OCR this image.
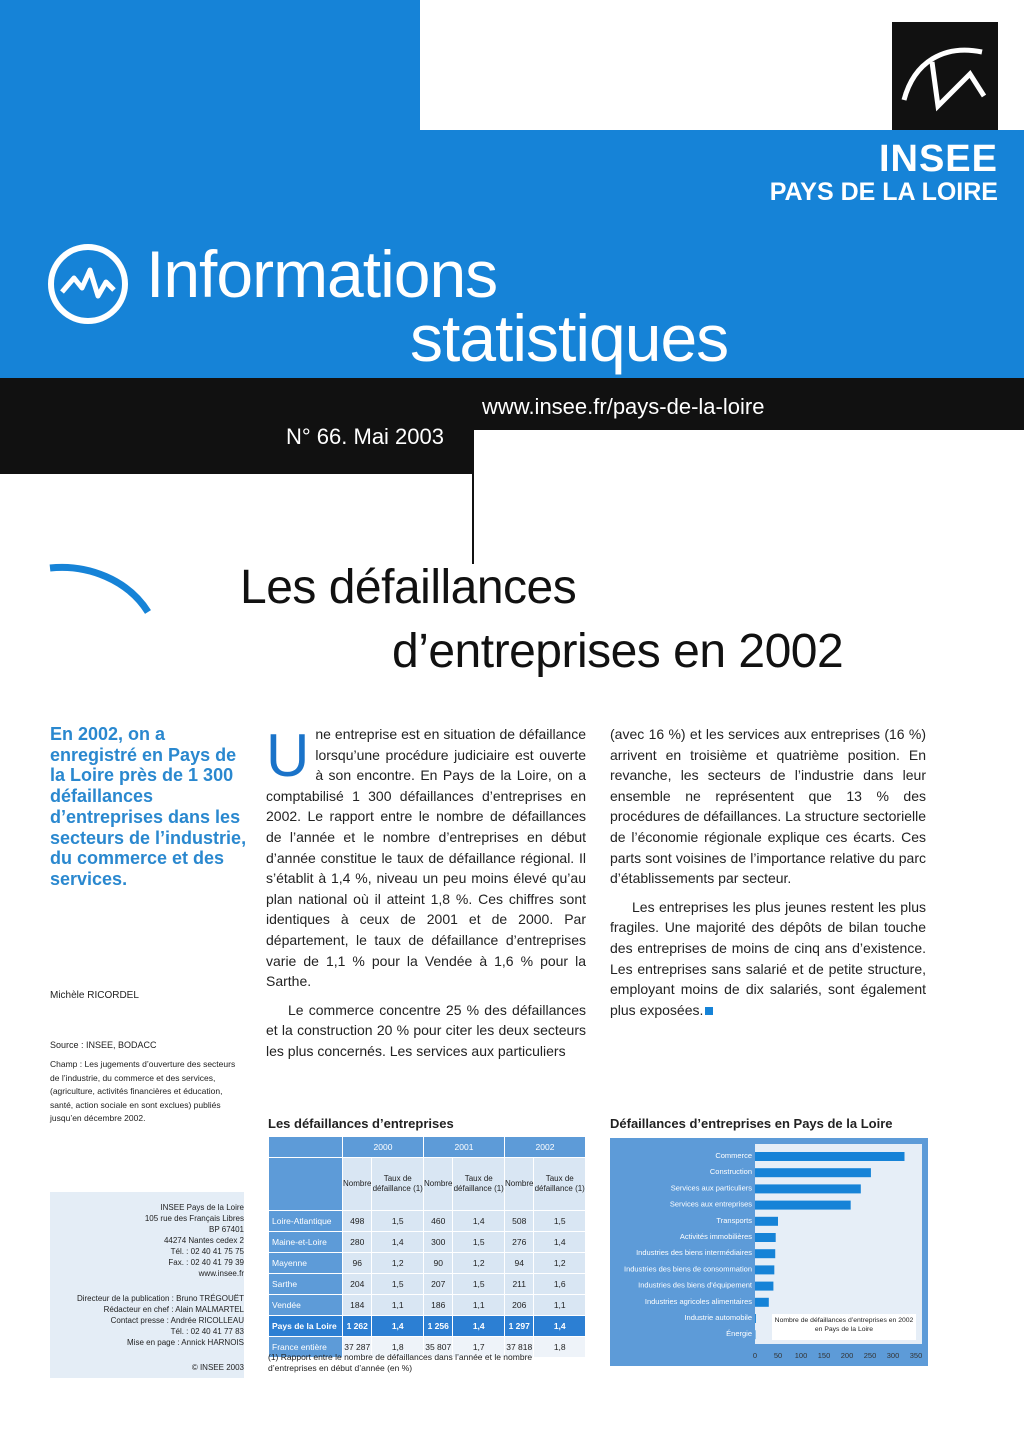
INSEE
PAYS DE LA LOIRE
Informations
statistiques
www.insee.fr/pays-de-la-loire
N° 66. Mai 2003
Les défaillances
d’entreprises en 2002
En 2002, on a enregistré en Pays de la Loire près de 1 300 défaillances d’entreprises dans les secteurs de l’industrie, du commerce et des services.
Michèle RICORDEL
Source : INSEE, BODACC
Champ : Les jugements d’ouverture des secteurs de l’industrie, du commerce et des services, (agriculture, activités financières et éducation, santé, action sociale en sont exclues) publiés jusqu’en décembre 2002.
INSEE Pays de la Loire
105 rue des Français Libres
BP 67401
44274 Nantes cedex 2
Tél. : 02 40 41 75 75
Fax. : 02 40 41 79 39
www.insee.fr
Directeur de la publication : Bruno TRÉGOUËT
Rédacteur en chef : Alain MALMARTEL
Contact presse : Andrée RICOLLEAU
Tél. : 02 40 41 77 83
Mise en page : Annick HARNOIS
© INSEE 2003

Une entreprise est en situation de défaillance lorsqu’une procédure judiciaire est ouverte à son encontre. En Pays de la Loire, on a comptabilisé 1 300 défaillances d’entreprises en 2002. Le rapport entre le nombre de défaillances de l’année et le nombre d’entreprises en début d’année constitue le taux de défaillance régional. Il s’établit à 1,4 %, niveau un peu moins élevé qu’au plan national où il atteint 1,8 %. Ces chiffres sont identiques à ceux de 2001 et de 2000. Par département, le taux de défaillance d’entreprises varie de 1,1 % pour la Vendée à 1,6 % pour la Sarthe.

Le commerce concentre 25 % des défaillances et la construction 20 % pour citer les deux secteurs les plus concernés. Les services aux particuliers

(avec 16 %) et les services aux entreprises (16 %) arrivent en troisième et quatrième position. En revanche, les secteurs de l’industrie dans leur ensemble ne représentent que 13 % des procédures de défaillances. La structure sectorielle de l’économie régionale explique ces écarts. Ces parts sont voisines de l’importance relative du parc d’établissements par secteur.

Les entreprises les plus jeunes restent les plus fragiles. Une majorité des dépôts de bilan touche des entreprises de moins de cinq ans d’existence. Les entreprises sans salarié et de petite structure, employant moins de dix salariés, sont également plus exposées.

Les défaillances d’entreprises
	2000		2001		2002	
	Nombre	Taux de défaillance (1)	Nombre	Taux de défaillance (1)	Nombre	Taux de défaillance (1)
Loire-Atlantique	498	1,5	460	1,4	508	1,5
Maine-et-Loire	280	1,4	300	1,5	276	1,4
Mayenne	96	1,2	90	1,2	94	1,2
Sarthe	204	1,5	207	1,5	211	1,6
Vendée	184	1,1	186	1,1	206	1,1
Pays de la Loire	1 262	1,4	1 256	1,4	1 297	1,4
France entière	37 287	1,8	35 807	1,7	37 818	1,8
(1) Rapport entre le nombre de défaillances dans l’année et le nombre d’entreprises en début d’année (en %)
Défaillances d’entreprises en Pays de la Loire
Commerce
Construction
Services aux particuliers
Services aux entreprises
Transports
Activités immobilières
Industries des biens intermédiaires
Industries des biens de consommation
Industries des biens d’équipement
Industries agricoles alimentaires
Industrie automobile
Énergie
0 50 100 150 200 250 300 350
Nombre de défaillances d’entreprises en 2002 en Pays de la Loire
